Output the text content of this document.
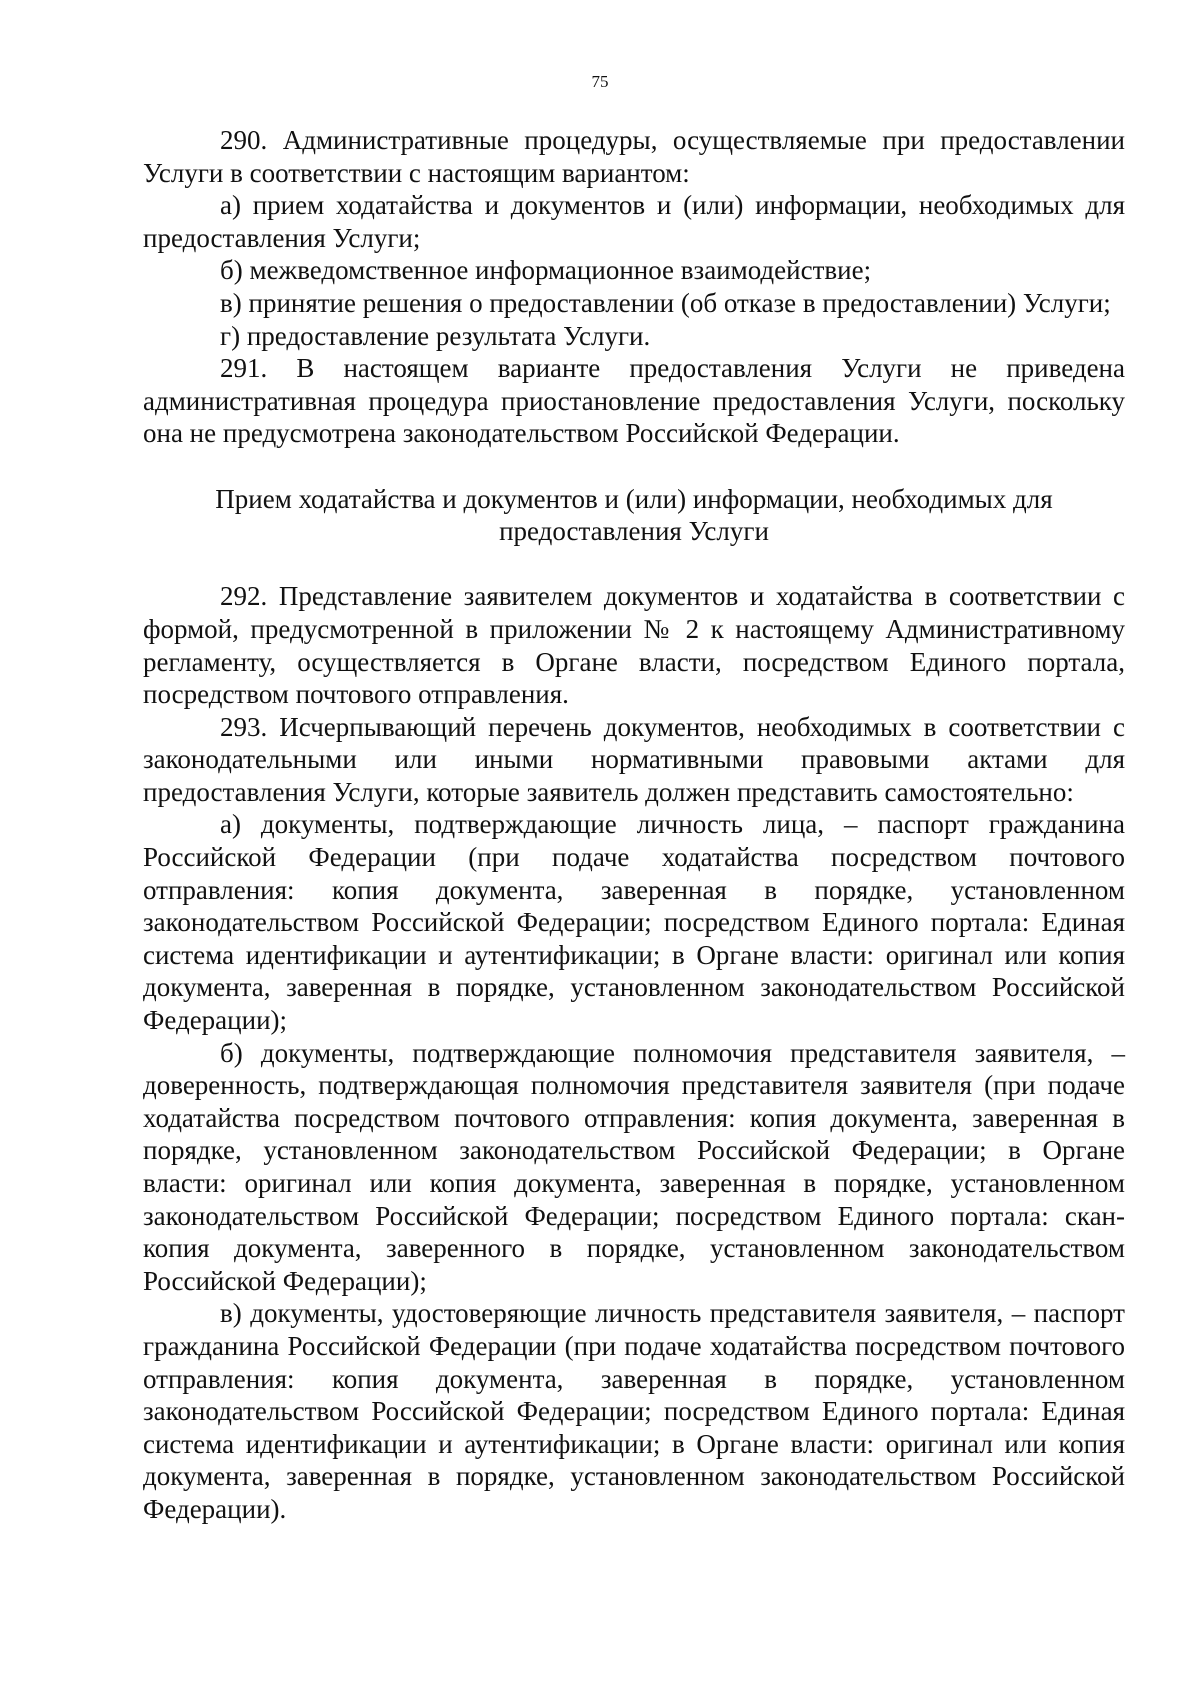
75

290. Административные процедуры, осуществляемые при предоставлении Услуги в соответствии с настоящим вариантом:

а) прием ходатайства и документов и (или) информации, необходимых для предоставления Услуги;

б) межведомственное информационное взаимодействие;

в) принятие решения о предоставлении (об отказе в предоставлении) Услуги;

г) предоставление результата Услуги.

291. В настоящем варианте предоставления Услуги не приведена административная процедура приостановление предоставления Услуги, поскольку она не предусмотрена законодательством Российской Федерации.

Прием ходатайства и документов и (или) информации, необходимых для предоставления Услуги

292. Представление заявителем документов и ходатайства в соответствии с формой, предусмотренной в приложении № 2 к настоящему Административному регламенту, осуществляется в Органе власти, посредством Единого портала, посредством почтового отправления.

293. Исчерпывающий перечень документов, необходимых в соответствии с законодательными или иными нормативными правовыми актами для предоставления Услуги, которые заявитель должен представить самостоятельно:

а) документы, подтверждающие личность лица, – паспорт гражданина Российской Федерации (при подаче ходатайства посредством почтового отправления: копия документа, заверенная в порядке, установленном законодательством Российской Федерации; посредством Единого портала: Единая система идентификации и аутентификации; в Органе власти: оригинал или копия документа, заверенная в порядке, установленном законодательством Российской Федерации);

б) документы, подтверждающие полномочия представителя заявителя, – доверенность, подтверждающая полномочия представителя заявителя (при подаче ходатайства посредством почтового отправления: копия документа, заверенная в порядке, установленном законодательством Российской Федерации; в Органе власти: оригинал или копия документа, заверенная в порядке, установленном законодательством Российской Федерации; посредством Единого портала: скан-копия документа, заверенного в порядке, установленном законодательством Российской Федерации);

в) документы, удостоверяющие личность представителя заявителя, – паспорт гражданина Российской Федерации (при подаче ходатайства посредством почтового отправления: копия документа, заверенная в порядке, установленном законодательством Российской Федерации; посредством Единого портала: Единая система идентификации и аутентификации; в Органе власти: оригинал или копия документа, заверенная в порядке, установленном законодательством Российской Федерации).
